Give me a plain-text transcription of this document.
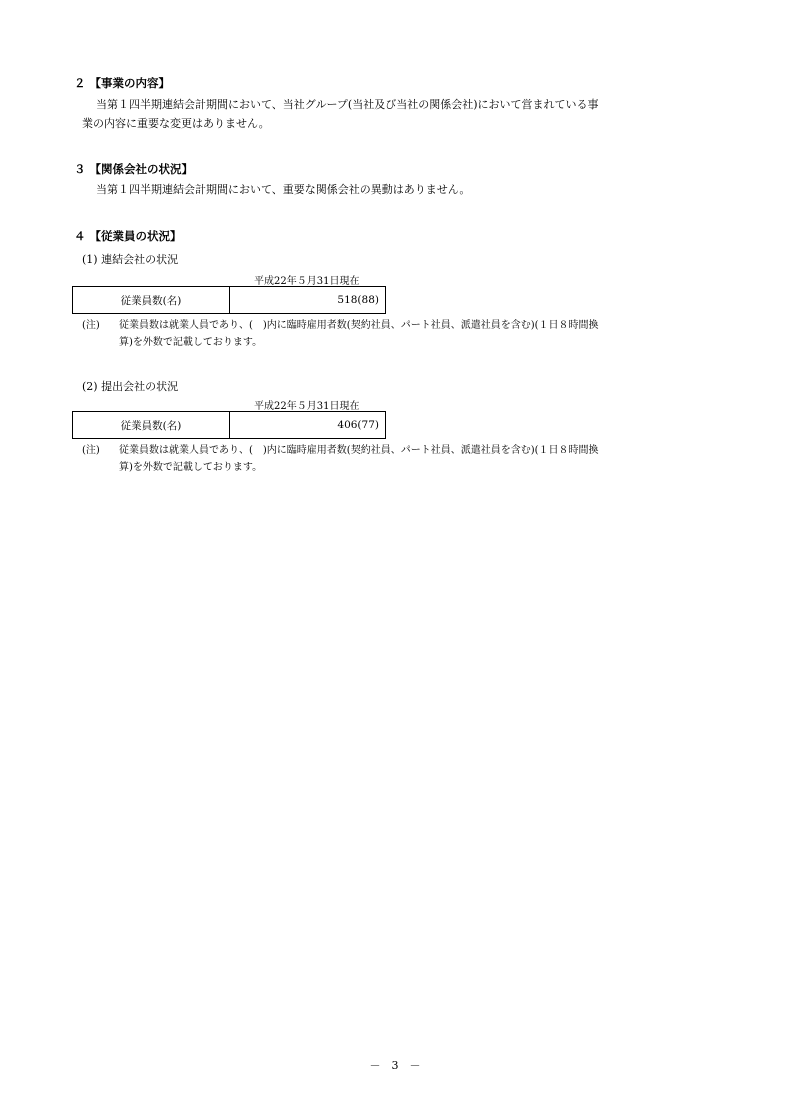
２ 【事業の内容】
当第１四半期連結会計期間において、当社グループ(当社及び当社の関係会社)において営まれている事
業の内容に重要な変更はありません。
３ 【関係会社の状況】
当第１四半期連結会計期間において、重要な関係会社の異動はありません。
４ 【従業員の状況】
(1) 連結会社の状況
平成22年５月31日現在
従業員数(名)	518(88)
(注) 従業員数は就業人員であり、(　)内に臨時雇用者数(契約社員、パート社員、派遣社員を含む)(１日８時間換
算)を外数で記載しております。
(2) 提出会社の状況
平成22年５月31日現在
従業員数(名)	406(77)
(注) 従業員数は就業人員であり、(　)内に臨時雇用者数(契約社員、パート社員、派遣社員を含む)(１日８時間換
算)を外数で記載しております。
－　3　－
